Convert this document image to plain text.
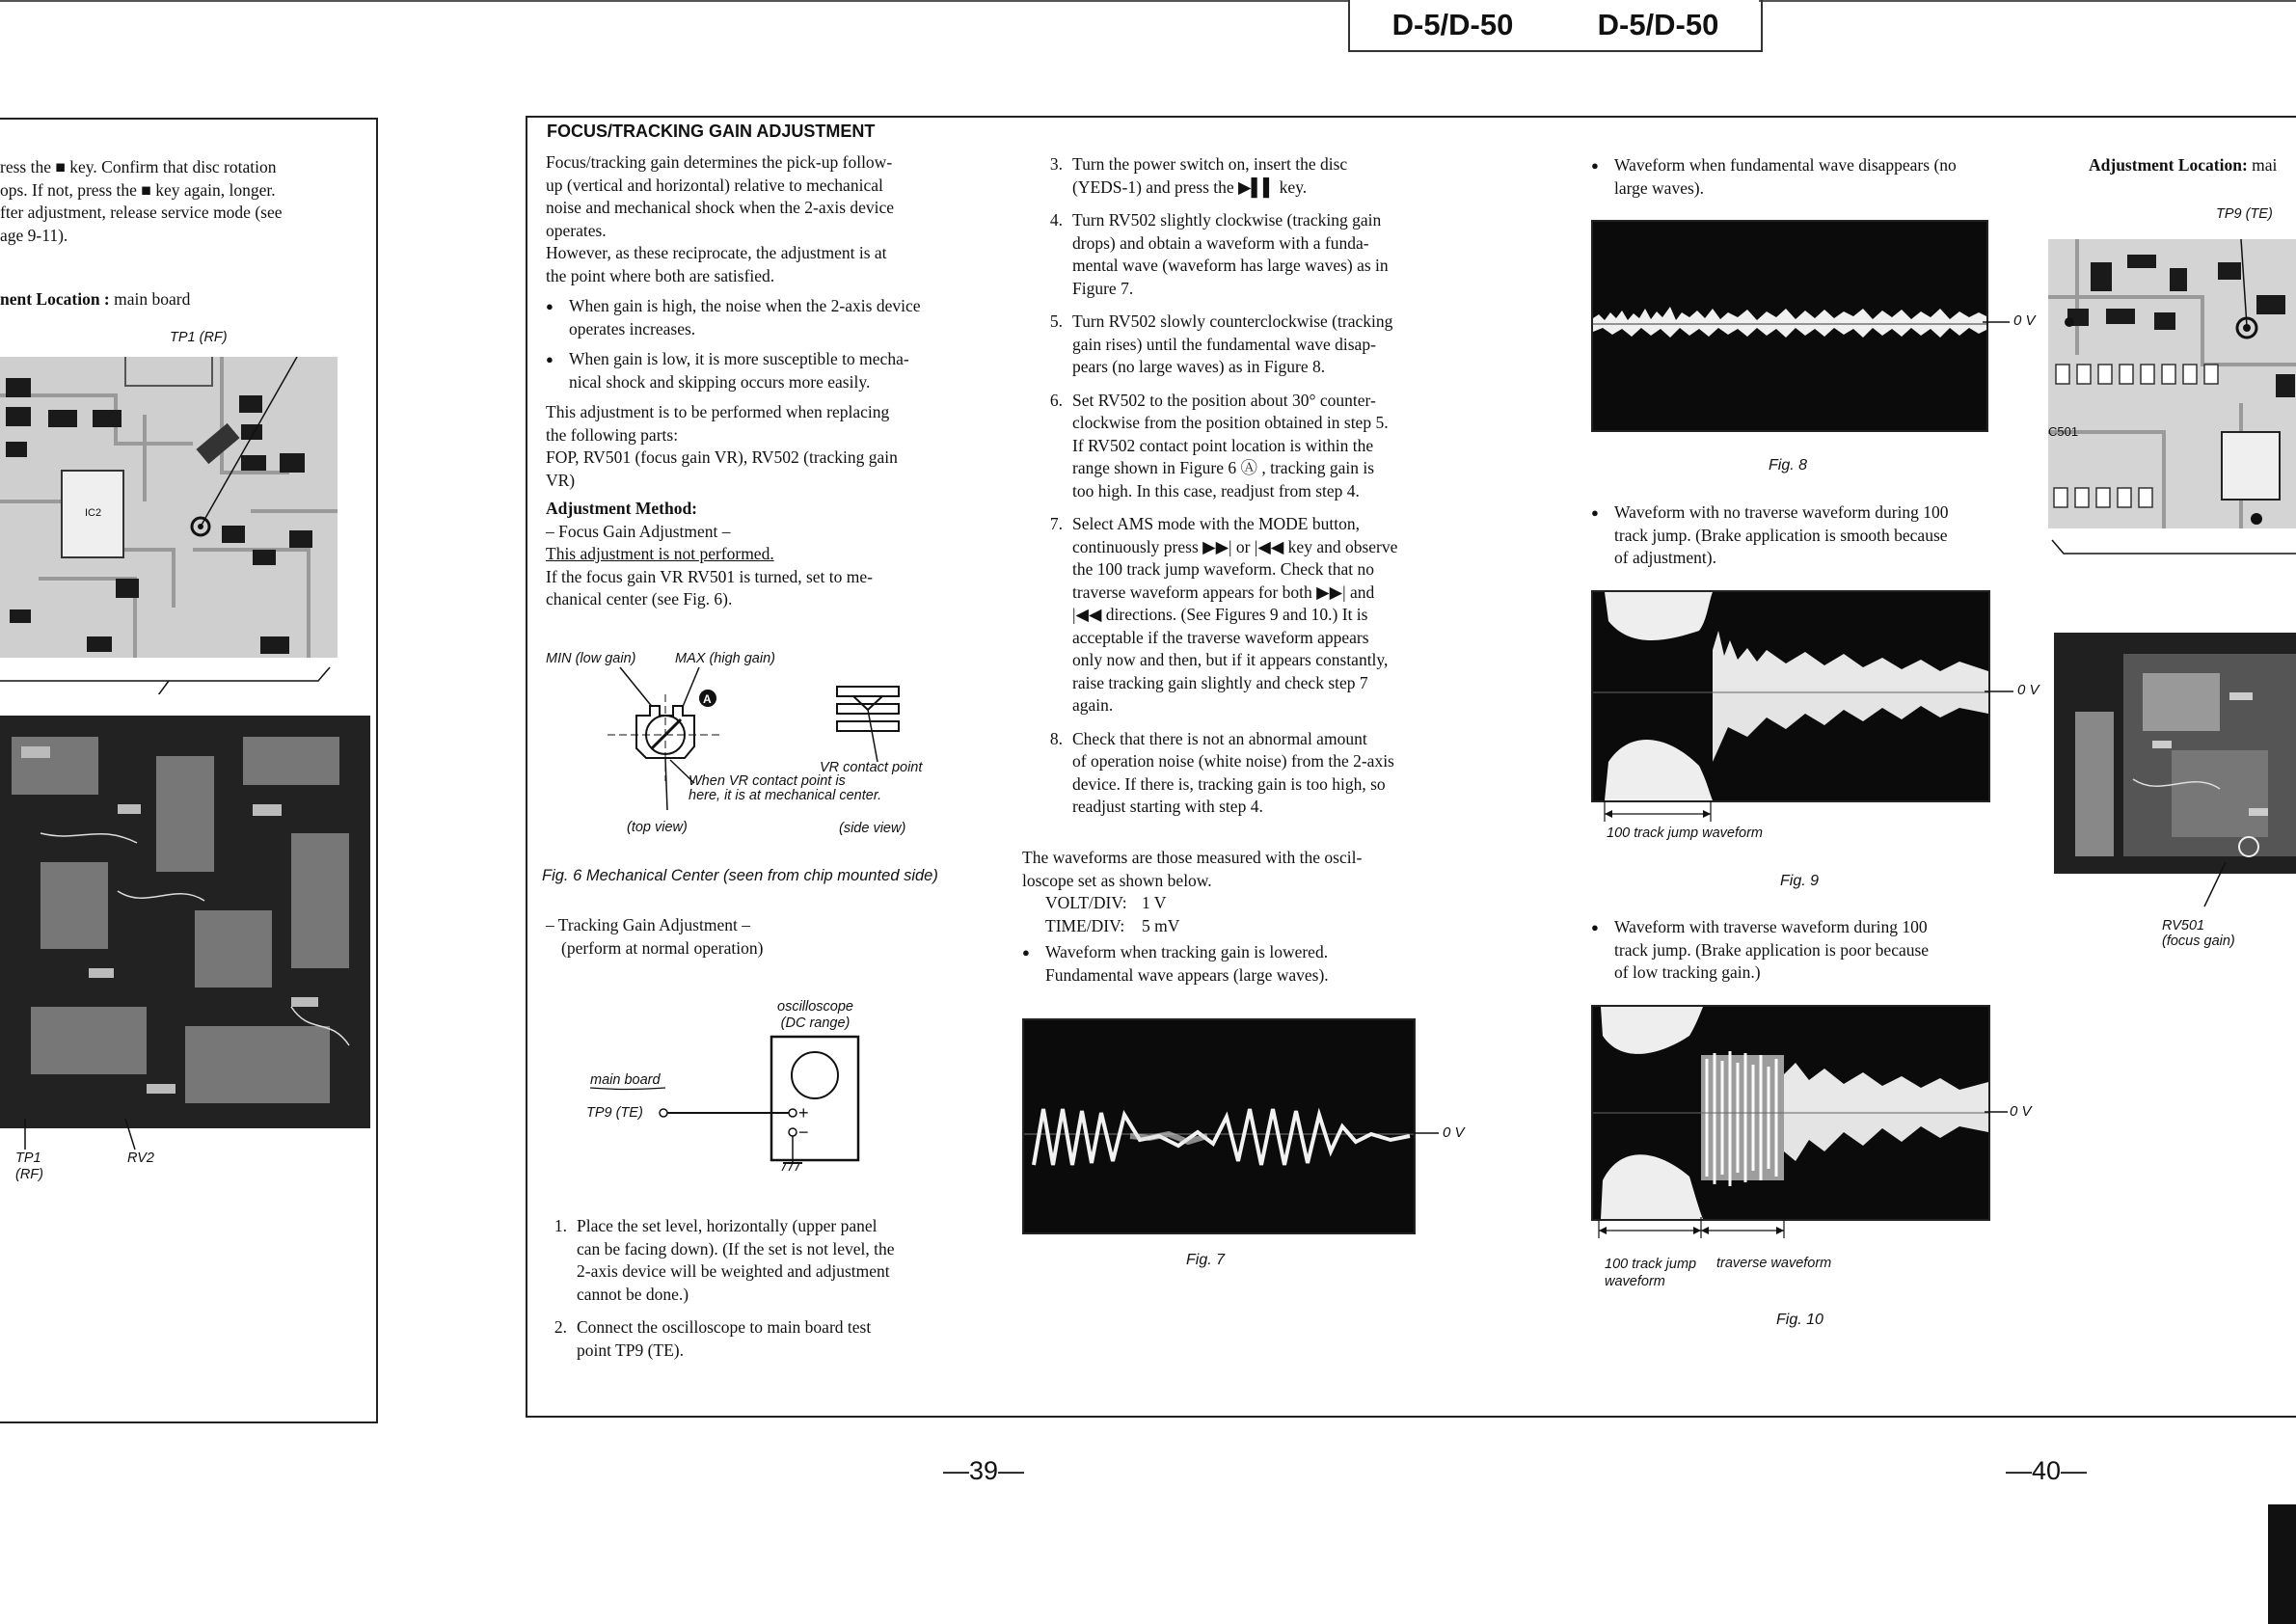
D-5/D-50	D-5/D-50

ress the ■ key. Confirm that disc rotation

ops. If not, press the ■ key again, longer.

fter adjustment, release service mode (see

age 9-11).

nent Location : main board
TP1 (RF)
IC2
TP1
(RF)
RV2
FOCUS/TRACKING GAIN ADJUSTMENT

Focus/tracking gain determines the pick-up follow-

up (vertical and horizontal) relative to mechanical

noise and mechanical shock when the 2-axis device

operates.

However, as these reciprocate, the adjustment is at

the point where both are satisfied.

● When gain is high, the noise when the 2-axis device

operates increases.

● When gain is low, it is more susceptible to mecha-

nical shock and skipping occurs more easily.

This adjustment is to be performed when replacing

the following parts:

FOP, RV501 (focus gain VR), RV502 (tracking gain

VR)

Adjustment Method:

– Focus Gain Adjustment –

This adjustment is not performed.

If the focus gain VR RV501 is turned, set to me-

chanical center (see Fig. 6).

MIN (low gain)	MAX (high gain)
A
VR contact point
When VR contact point is
here, it is at mechanical center.
(top view)	(side view)
Fig. 6 Mechanical Center (seen from chip mounted side)

– Tracking Gain Adjustment –

(perform at normal operation)

oscilloscope
(DC range)
main board
TP9 (TE)	+
−
1. Place the set level, horizontally (upper panel

can be facing down). (If the set is not level, the

2-axis device will be weighted and adjustment

cannot be done.)

2. Connect the oscilloscope to main board test

point TP9 (TE).

3. Turn the power switch on, insert the disc

(YEDS-1) and press the ▶▌▌ key.

4. Turn RV502 slightly clockwise (tracking gain

drops) and obtain a waveform with a funda-

mental wave (waveform has large waves) as in

Figure 7.

5. Turn RV502 slowly counterclockwise (tracking

gain rises) until the fundamental wave disap-

pears (no large waves) as in Figure 8.

6. Set RV502 to the position about 30° counter-

clockwise from the position obtained in step 5.

If RV502 contact point location is within the

range shown in Figure 6 Ⓐ , tracking gain is

too high. In this case, readjust from step 4.

7. Select AMS mode with the MODE button,

continuously press ▶▶| or |◀◀ key and observe

the 100 track jump waveform. Check that no

traverse waveform appears for both ▶▶| and

|◀◀ directions. (See Figures 9 and 10.) It is

acceptable if the traverse waveform appears

only now and then, but if it appears constantly,

raise tracking gain slightly and check step 7

again.

8. Check that there is not an abnormal amount

of operation noise (white noise) from the 2-axis

device. If there is, tracking gain is too high, so

readjust starting with step 4.

The waveforms are those measured with the oscil-

loscope set as shown below.

VOLT/DIV: 1 V

TIME/DIV: 5 mV

● Waveform when tracking gain is lowered.

Fundamental wave appears (large waves).

0 V
Fig. 7

● Waveform when fundamental wave disappears (no

large waves).

0 V
Fig. 8

● Waveform with no traverse waveform during 100

track jump. (Brake application is smooth because

of adjustment).

0 V
100 track jump waveform
Fig. 9

● Waveform with traverse waveform during 100

track jump. (Brake application is poor because

of low tracking gain.)

0 V
100 track jump
waveform
traverse waveform
Fig. 10
Adjustment Location: mai
TP9 (TE)
C501
RV501
(focus gain)
—39—	—40—
